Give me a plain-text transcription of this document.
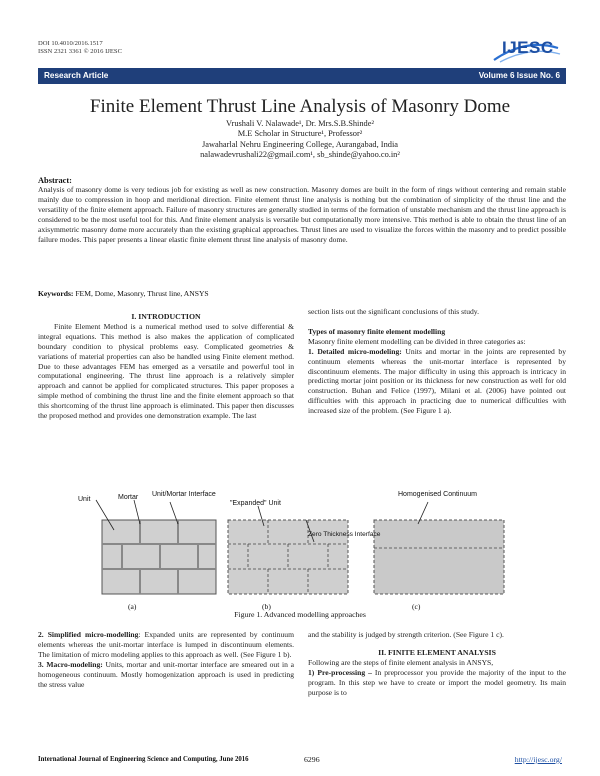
DOI 10.4010/2016.1517
ISSN 2321 3361 © 2016 IJESC	IJESC
Research Article	Volume 6 Issue No. 6
Finite Element Thrust Line Analysis of Masonry Dome
Vrushali V. Nalawade¹, Dr. Mrs.S.B.Shinde²
M.E Scholar in Structure¹, Professor²
Jawaharlal Nehru Engineering College, Aurangabad, India
nalawadevrushali22@gmail.com¹, sb_shinde@yahoo.co.in²
Abstract:
Analysis of masonry dome is very tedious job for existing as well as new construction. Masonry domes are built in the form of rings without centering and remain stable mainly due to compression in hoop and meridional direction. Finite element thrust line analysis is nothing but the combination of simplicity of the thrust line and the versatility of the finite element approach. Failure of masonry structures are generally studied in terms of the formation of unstable mechanism and the thrust line approach is considered to be the most useful tool for this. And finite element analysis is versatile but computationally more intensive. This method is able to obtain the thrust line of an axisymmetric masonry dome more accurately than the existing graphical approaches. Thrust lines are used to visualize the forces within the masonry and to predict possible failure modes. This paper presents a linear elastic finite element thrust line analysis of masonry dome.
Keywords: FEM, Dome, Masonry, Thrust line, ANSYS

I. INTRODUCTION

Finite Element Method is a numerical method used to solve differential & integral equations. This method is also makes the application of complicated boundary condition to physical problems easy. Complicated geometries & variations of material properties can also be handled using Finite element method. Due to these advantages FEM has emerged as a versatile and powerful tool in computational engineering. The thrust line approach is a relatively simpler approach and cannot be applied for complicated structures. This paper proposes a simple method of combining the thrust line and the finite element approach so that this shortcoming of the thrust line approach is eliminated. This paper then discusses the proposed method and provides one demonstration example. The last

section lists out the significant conclusions of this study.

Types of masonry finite element modelling

Masonry finite element modelling can be divided in three categories as:

1. Detailed micro-modeling: Units and mortar in the joints are represented by continuum elements whereas the unit-mortar interface is represented by discontinuum elements. The major difficulty in using this approach is intricacy in predicting mortar joint position or its thickness for new construction as well for old construction. Buhan and Felice (1997), Milani et al. (2006) have pointed out difficulties with this approach in practicing due to numerical difficulties with increased size of the problem. (See Figure 1 a).

Unit	Mortar Unit/Mortar Interface
"Expanded" Unit
Zero Thickness Interface
Homogenised Continuum
(a)	(b)	(c)
Figure 1. Advanced modelling approaches

2. Simplified micro-modelling: Expanded units are represented by continuum elements whereas the unit-mortar interface is lumped in discontinuum elements. The limitation of micro modeling applies to this approach as well. (See Figure 1 b).

3. Macro-modeling: Units, mortar and unit-mortar interface are smeared out in a homogeneous continuum. Mostly homogenization approach is used in predicting the stress value

and the stability is judged by strength criterion. (See Figure 1 c).

II. FINITE ELEMENT ANALYSIS

Following are the steps of finite element analysis in ANSYS,

1) Pre-processing – In preprocessor you provide the majority of the input to the program. In this step we have to create or import the model geometry. Its main purpose is to

International Journal of Engineering Science and Computing, June 2016	6296	http://ijesc.org/
